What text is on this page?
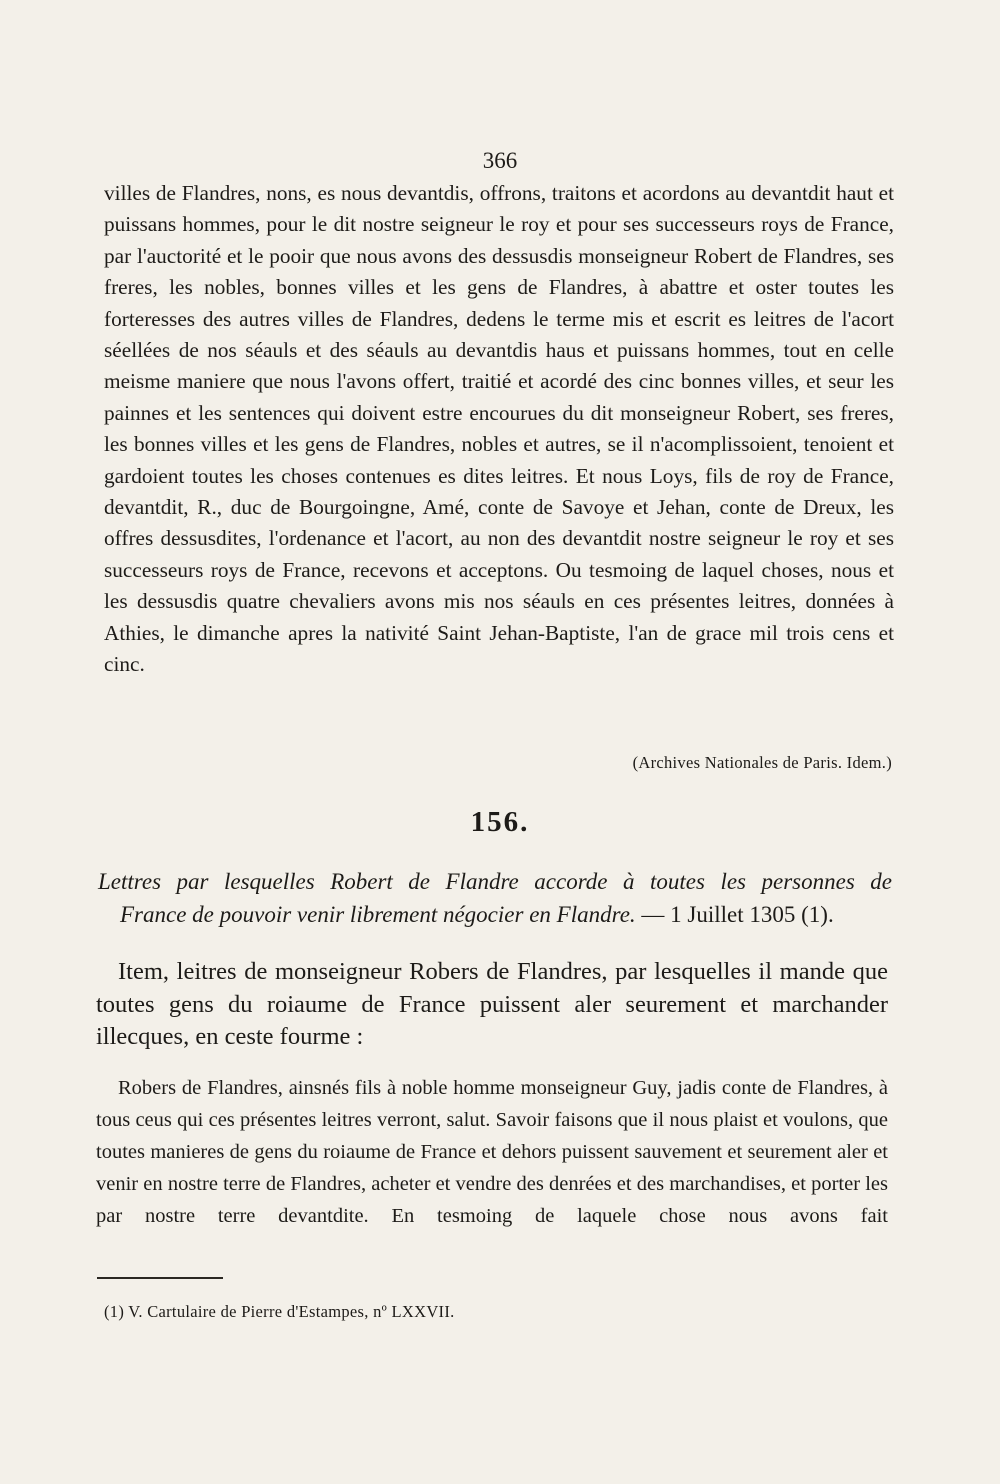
366

villes de Flandres, nons, es nous devantdis, offrons, traitons et acordons au devantdit haut et puissans hommes, pour le dit nostre seigneur le roy et pour ses successeurs roys de France, par l'auctorité et le pooir que nous avons des dessusdis monseigneur Robert de Flandres, ses freres, les nobles, bonnes villes et les gens de Flandres, à abattre et oster toutes les forteresses des autres villes de Flandres, dedens le terme mis et escrit es leitres de l'acort séellées de nos séauls et des séauls au devantdis haus et puissans hommes, tout en celle meisme maniere que nous l'avons offert, traitié et acordé des cinc bonnes villes, et seur les painnes et les sentences qui doivent estre encourues du dit monseigneur Robert, ses freres, les bonnes villes et les gens de Flandres, nobles et autres, se il n'acomplissoient, tenoient et gardoient toutes les choses contenues es dites leitres. Et nous Loys, fils de roy de France, devantdit, R., duc de Bourgoingne, Amé, conte de Savoye et Jehan, conte de Dreux, les offres dessusdites, l'ordenance et l'acort, au non des devantdit nostre seigneur le roy et ses successeurs roys de France, recevons et acceptons. Ou tesmoing de laquel choses, nous et les dessusdis quatre chevaliers avons mis nos séauls en ces présentes leitres, données à Athies, le dimanche apres la nativité Saint Jehan-Baptiste, l'an de grace mil trois cens et cinc.

(Archives Nationales de Paris. Idem.)
156.
Lettres par lesquelles Robert de Flandre accorde à toutes les personnes de
France de pouvoir venir librement négocier en Flandre. — 1 Juillet 1305 (1).

Item, leitres de monseigneur Robers de Flandres, par lesquelles il mande que toutes gens du roiaume de France puissent aler seurement et marchander illecques, en ceste fourme :

Robers de Flandres, ainsnés fils à noble homme monseigneur Guy, jadis conte de Flandres, à tous ceus qui ces présentes leitres verront, salut. Savoir faisons que il nous plaist et voulons, que toutes manieres de gens du roiaume de France et dehors puissent sauvement et seurement aler et venir en nostre terre de Flandres, acheter et vendre des denrées et des marchandises, et porter les par nostre terre devantdite. En tesmoing de laquele chose nous avons fait

(1) V. Cartulaire de Pierre d'Estampes, nº LXXVII.
